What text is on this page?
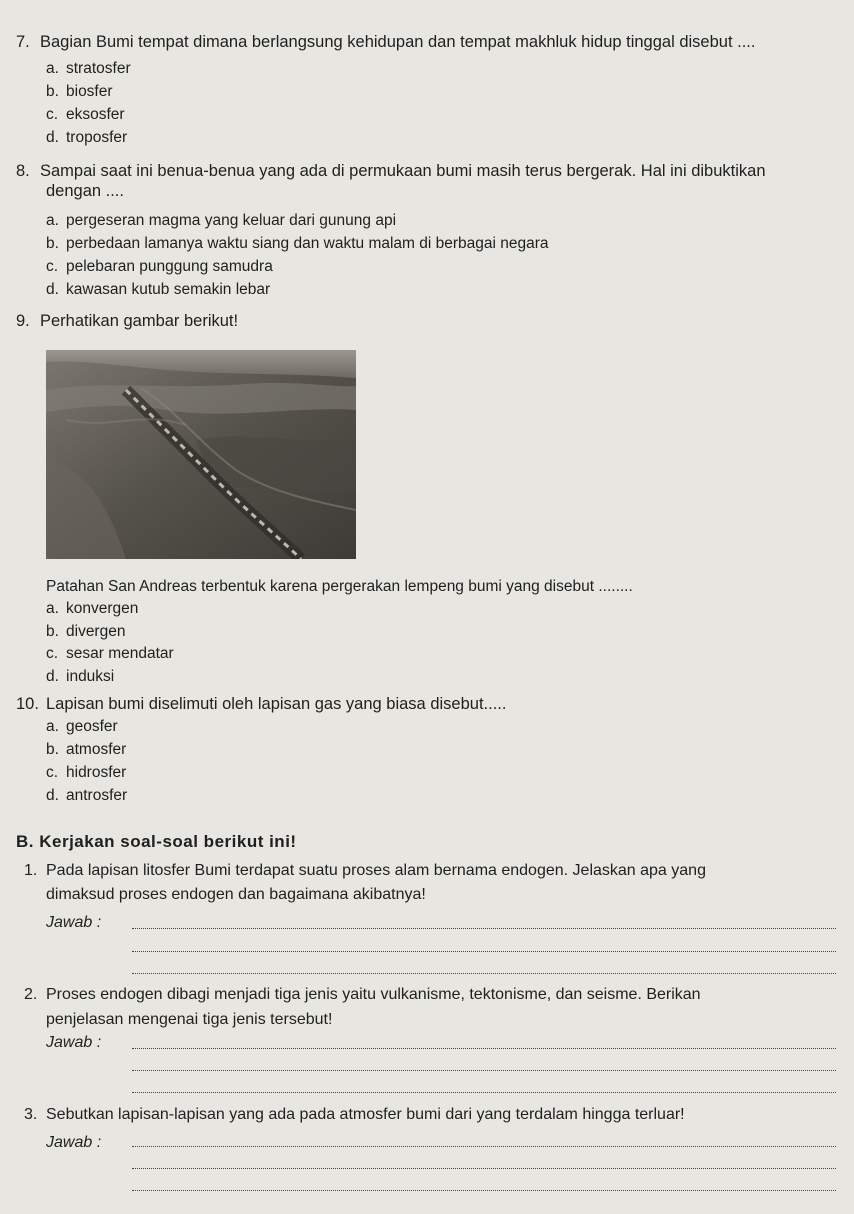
7. Bagian Bumi tempat dimana berlangsung kehidupan dan tempat makhluk hidup tinggal disebut ....
a. stratosfer
b. biosfer
c. eksosfer
d. troposfer
8. Sampai saat ini benua-benua yang ada di permukaan bumi masih terus bergerak. Hal ini dibuktikan
dengan ....
a. pergeseran magma yang keluar dari gunung api
b. perbedaan lamanya waktu siang dan waktu malam di berbagai negara
c. pelebaran punggung samudra
d. kawasan kutub semakin lebar
9. Perhatikan gambar berikut!
Patahan San Andreas terbentuk karena pergerakan lempeng bumi yang disebut ........
a. konvergen
b. divergen
c. sesar mendatar
d. induksi
10. Lapisan bumi diselimuti oleh lapisan gas yang biasa disebut.....
a. geosfer
b. atmosfer
c. hidrosfer
d. antrosfer
B. Kerjakan soal-soal berikut ini!
1. Pada lapisan litosfer Bumi terdapat suatu proses alam bernama endogen. Jelaskan apa yang
dimaksud proses endogen dan bagaimana akibatnya!
Jawab :
2. Proses endogen dibagi menjadi tiga jenis yaitu vulkanisme, tektonisme, dan seisme. Berikan
penjelasan mengenai tiga jenis tersebut!
Jawab :
3. Sebutkan lapisan-lapisan yang ada pada atmosfer bumi dari yang terdalam hingga terluar!
Jawab :
